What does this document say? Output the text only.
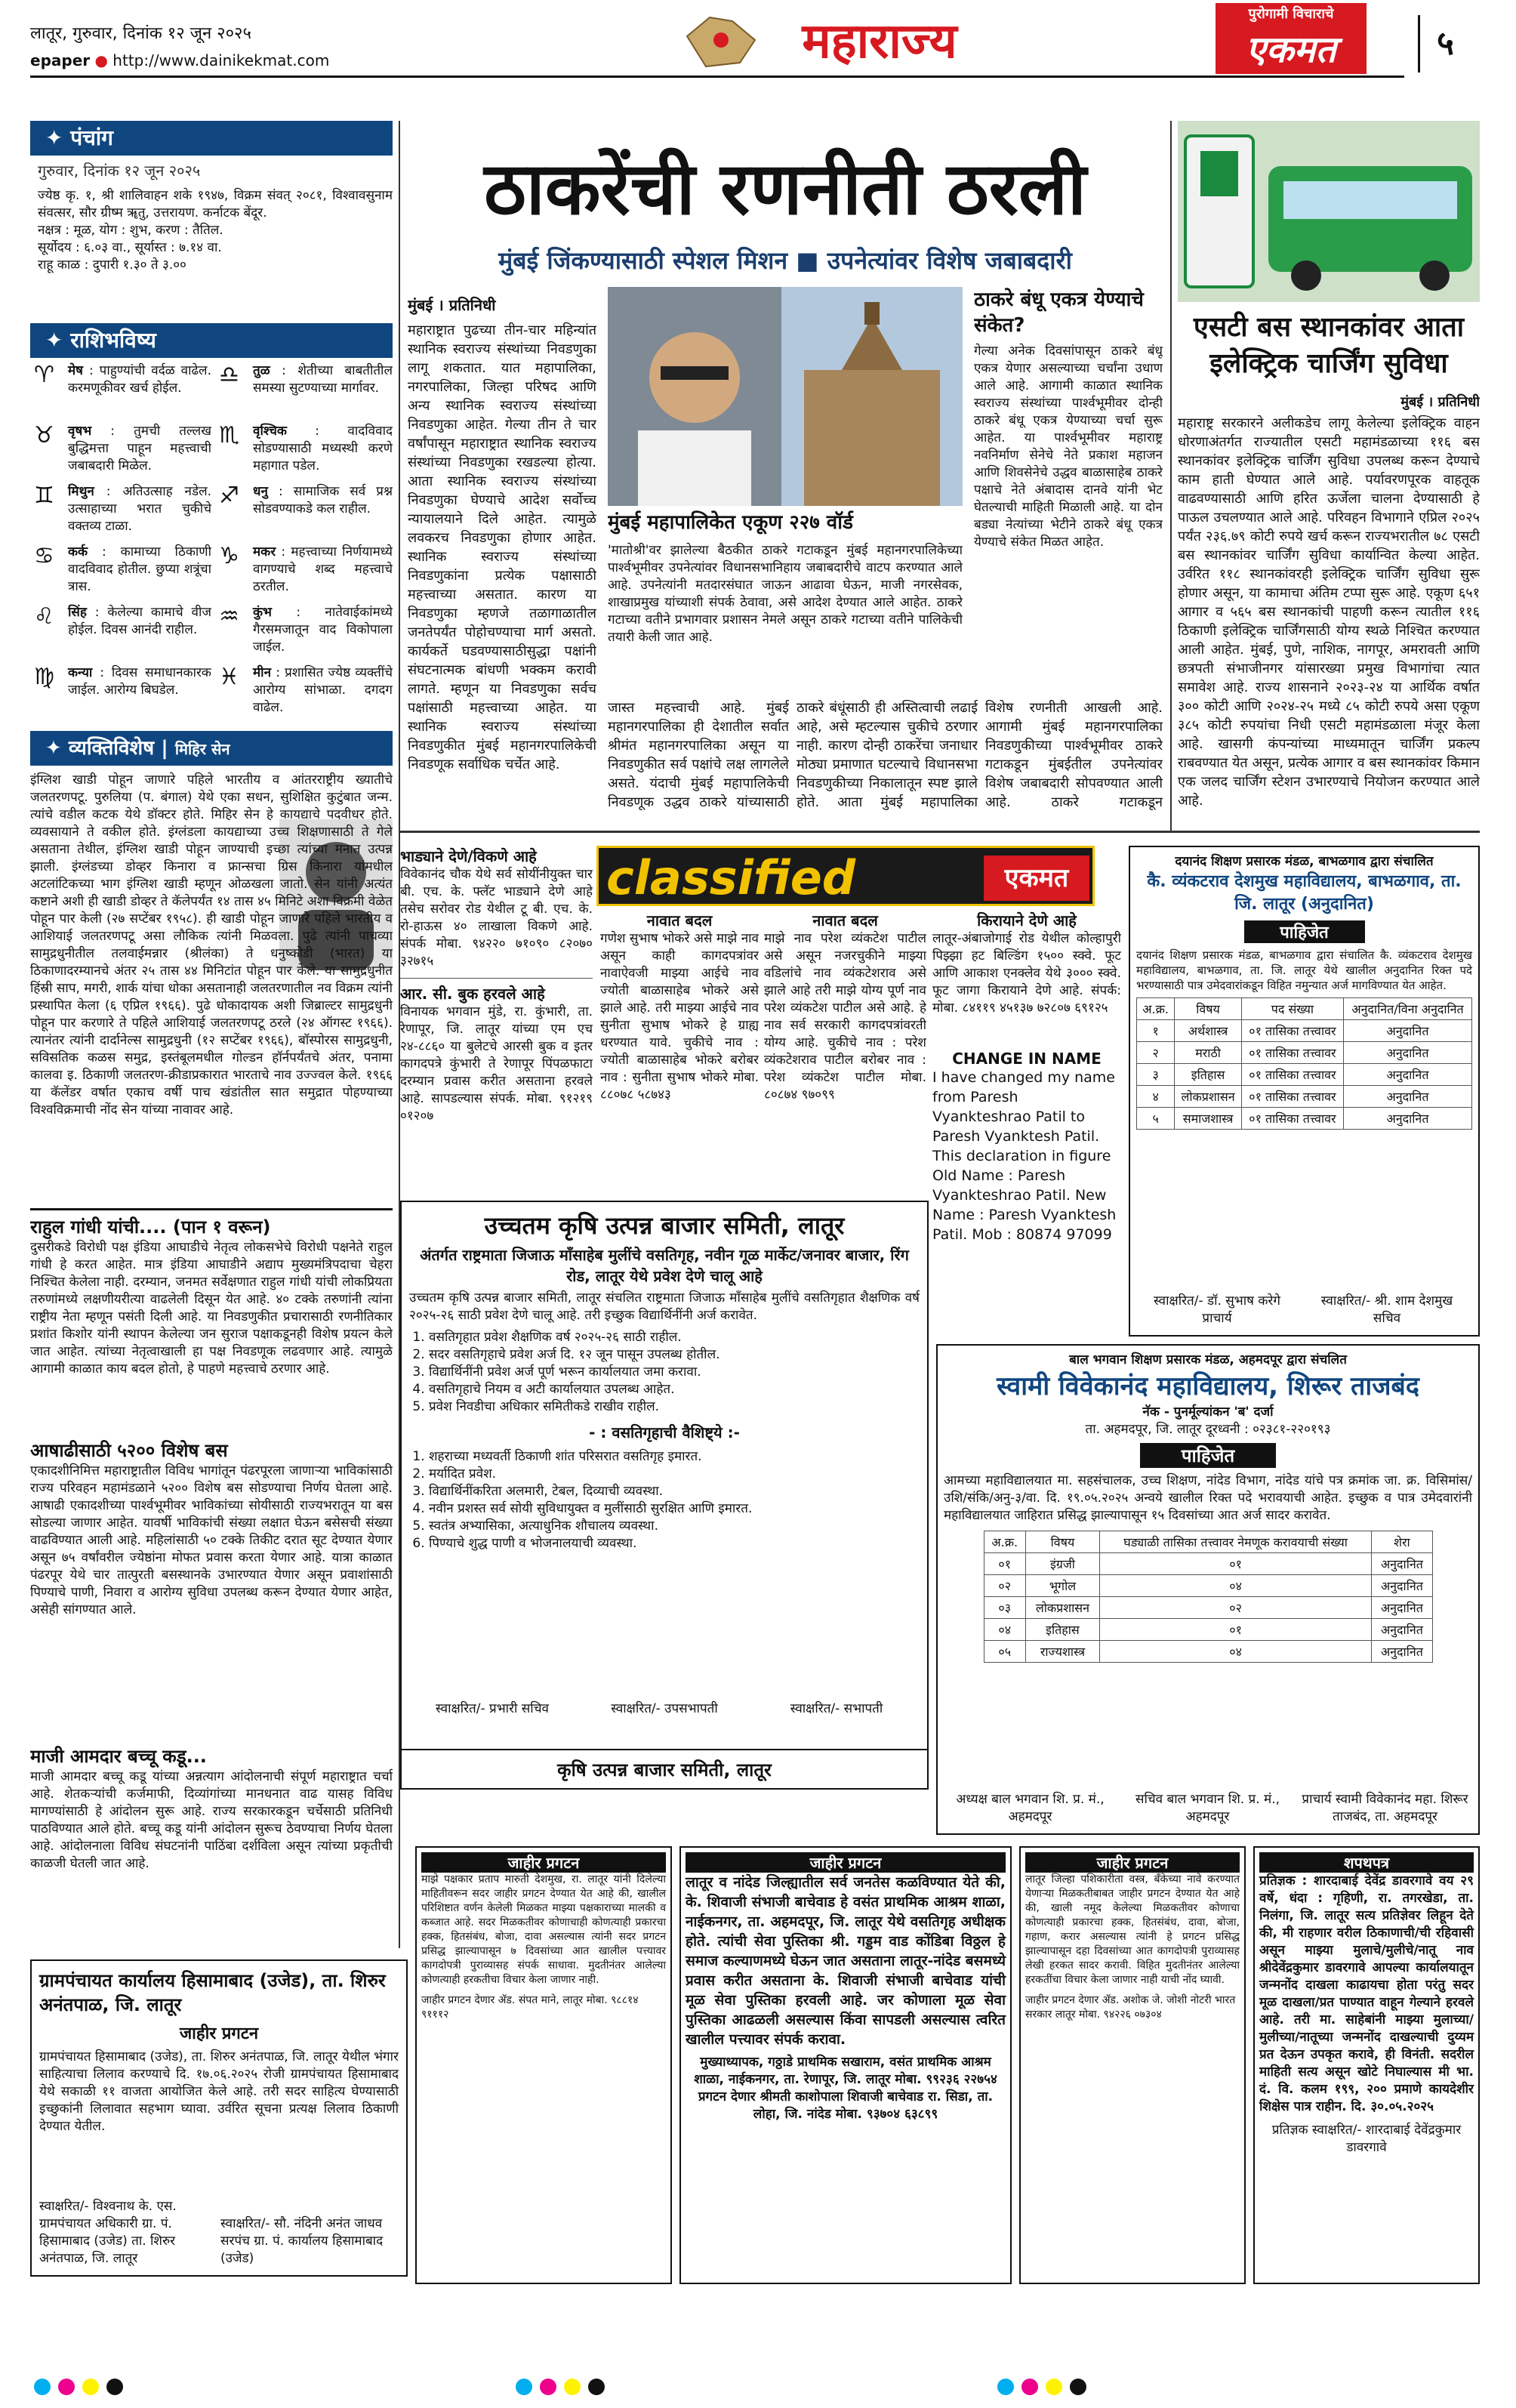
लातूर, गुरुवार, दिनांक १२ जून २०२५
epaper ● http://www.dainikekmat.com	महाराज्य	पुरोगामी विचाराचे
एकमत	५
✦ पंचांग
गुरुवार, दिनांक १२ जून २०२५
ज्येष्ठ कृ. १, श्री शालिवाहन शके १९४७, विक्रम संवत् २०८१, विश्वावसुनाम संवत्सर, सौर ग्रीष्म ॠतु, उत्तरायण. कर्नाटक बेंदूर.
नक्षत्र : मूळ, योग : शुभ, करण : तैतिल.
सूर्योदय : ६.०३ वा., सूर्यास्त : ७.१४ वा.
राहू काळ : दुपारी १.३० ते ३.००
✦ राशिभविष्य
♈ मेष : पाहुण्यांची वर्दळ वाढेल. करमणूकीवर खर्च होईल.
♉ वृषभ : तुमची तल्लख बुद्धिमत्ता पाहून महत्त्वाची जबाबदारी मिळेल.
♊ मिथुन : अतिउत्साह नडेल. उत्साहाच्या भरात चुकीचे वक्तव्य टाळा.
♋ कर्क : कामाच्या ठिकाणी वादविवाद होतील. छुप्या शत्रूंचा त्रास.
♌ सिंह : केलेल्या कामाचे वीज होईल. दिवस आनंदी राहील.
♍ कन्या : दिवस समाधानकारक जाईल. आरोग्य बिघडेल.
♎ तुळ : शेतीच्या बाबतीतील समस्या सुटण्याच्या मार्गावर.
♏ वृश्चिक : वादविवाद सोडण्यासाठी मध्यस्थी करणे महागात पडेल.
♐ धनु : सामाजिक सर्व प्रश्न सोडवण्याकडे कल राहील.
♑ मकर : महत्त्वाच्या निर्णयामध्ये वागण्याचे शब्द महत्त्वाचे ठरतील.
♒ कुंभ : नातेवाईकांमध्ये गैरसमजातून वाद विकोपाला जाईल.
♓ मीन : प्रशासित ज्येष्ठ व्यक्तींचे आरोग्य सांभाळा. दगदग वाढेल.
✦ व्यक्तिविशेष | मिहिर सेन
इंग्लिश खाडी पोहून जाणारे पहिले भारतीय व आंतरराष्ट्रीय ख्यातीचे जलतरणपटू. पुरुलिया (प. बंगाल) येथे एका सधन, सुशिक्षित कुटुंबात जन्म. त्यांचे वडील कटक येथे डॉक्टर होते. मिहिर सेन हे कायद्याचे पदवीधर होते. व्यवसायाने ते वकील होते. इंग्लंडला कायद्याच्या उच्च शिक्षणासाठी ते गेले असताना तेथील, इंग्लिश खाडी पोहून जाण्याची इच्छा त्यांच्या मनात उत्पन्न झाली. इंग्लंडच्या डोव्हर किनारा व फ्रान्सचा ग्रिस किनारा यांमधील अटलांटिकच्या भाग इंग्लिश खाडी म्हणून ओळखला जातो. सेन यांनी अत्यंत कष्टाने अशी ही खाडी डोव्हर ते कॅलेपर्यंत १४ तास ४५ मिनिटे अशा विक्रमी वेळेत पोहून पार केली (२७ सप्टेंबर १९५८). ही खाडी पोहून जाणारे पहिले भारतीय व आशियाई जलतरणपटू असा लौकिक त्यांनी मिळवला. पुढे त्यांनी पाचव्या सामुद्रधुनीतील तलवाईमन्नार (श्रीलंका) ते धनुष्कोडी (भारत) या ठिकाणादरम्यानचे अंतर २५ तास ४४ मिनिटांत पोहून पार केले. या सामुद्रधुनीत हिंस्री साप, मगरी, शार्क यांचा धोका असतानाही जलतरणातील नव विक्रम त्यांनी प्रस्थापित केला (६ एप्रिल १९६६). पुढे धोकादायक अशी जिब्राल्टर सामुद्रधुनी पोहून पार करणारे ते पहिले आशियाई जलतरणपटू ठरले (२४ ऑगस्ट १९६६). त्यानंतर त्यांनी दार्दानेल्स सामुद्रधुनी (१२ सप्टेंबर १९६६), बॉस्पोरस सामुद्रधुनी, सविसतिक कळस समुद्र, इस्तंबूलमधील गोल्डन हॉर्नपर्यंतचे अंतर, पनामा कालवा इ. ठिकाणी जलतरण-क्रीडाप्रकारात भारताचे नाव उज्ज्वल केले. १९६६ या कॅलेंडर वर्षात एकाच वर्षी पाच खंडांतील सात समुद्रात पोहण्याच्या विश्वविक्रमाची नोंद सेन यांच्या नावावर आहे.
राहुल गांधी यांची.... (पान १ वरून)
दुसरीकडे विरोधी पक्ष इंडिया आघाडीचे नेतृत्व लोकसभेचे विरोधी पक्षनेते राहुल गांधी हे करत आहेत. मात्र इंडिया आघाडीने अद्याप मुख्यमंत्रिपदाचा चेहरा निश्चित केलेला नाही. दरम्यान, जनमत सर्वेक्षणात राहुल गांधी यांची लोकप्रियता तरुणांमध्ये लक्षणीयरीत्या वाढलेली दिसून येत आहे. ४० टक्के तरुणांनी त्यांना राष्ट्रीय नेता म्हणून पसंती दिली आहे. या निवडणुकीत प्रचारासाठी रणनीतिकार प्रशांत किशोर यांनी स्थापन केलेल्या जन सुराज पक्षाकडूनही विशेष प्रयत्न केले जात आहेत. त्यांच्या नेतृत्वाखाली हा पक्ष निवडणूक लढवणार आहे. त्यामुळे आगामी काळात काय बदल होतो, हे पाहणे महत्त्वाचे ठरणार आहे.
आषाढीसाठी ५२०० विशेष बस
एकादशीनिमित्त महाराष्ट्रातील विविध भागांतून पंढरपूरला जाणाऱ्या भाविकांसाठी राज्य परिवहन महामंडळाने ५२०० विशेष बस सोडण्याचा निर्णय घेतला आहे. आषाढी एकादशीच्या पार्श्वभूमीवर भाविकांच्या सोयीसाठी राज्यभरातून या बस सोडल्या जाणार आहेत. यावर्षी भाविकांची संख्या लक्षात घेऊन बसेसची संख्या वाढविण्यात आली आहे. महिलांसाठी ५० टक्के तिकीट दरात सूट देण्यात येणार असून ७५ वर्षांवरील ज्येष्ठांना मोफत प्रवास करता येणार आहे. यात्रा काळात पंढरपूर येथे चार तात्पुरती बसस्थानके उभारण्यात येणार असून प्रवाशांसाठी पिण्याचे पाणी, निवारा व आरोग्य सुविधा उपलब्ध करून देण्यात येणार आहेत, असेही सांगण्यात आले.
माजी आमदार बच्चू कडू...
माजी आमदार बच्चू कडू यांच्या अन्नत्याग आंदोलनाची संपूर्ण महाराष्ट्रात चर्चा आहे. शेतकऱ्यांची कर्जमाफी, दिव्यांगांच्या मानधनात वाढ यासह विविध मागण्यांसाठी हे आंदोलन सुरू आहे. राज्य सरकारकडून चर्चेसाठी प्रतिनिधी पाठविण्यात आले होते. बच्चू कडू यांनी आंदोलन सुरूच ठेवण्याचा निर्णय घेतला आहे. आंदोलनाला विविध संघटनांनी पाठिंबा दर्शविला असून त्यांच्या प्रकृतीची काळजी घेतली जात आहे.
ग्रामपंचायत कार्यालय हिसामाबाद (उजेड), ता. शिरुर अनंतपाळ, जि. लातूर
जाहीर प्रगटन
ग्रामपंचायत हिसामाबाद (उजेड), ता. शिरुर अनंतपाळ, जि. लातूर येथील भंगार साहित्याचा लिलाव करण्याचे दि. १७.०६.२०२५ रोजी ग्रामपंचायत हिसामाबाद येथे सकाळी ११ वाजता आयोजित केले आहे. तरी सदर साहित्य घेण्यासाठी इच्छुकांनी लिलावात सहभाग घ्यावा. उर्वरित सूचना प्रत्यक्ष लिलाव ठिकाणी देण्यात येतील.
स्वाक्षरित/- विश्वनाथ के. एस. ग्रामपंचायत अधिकारी ग्रा. पं. हिसामाबाद (उजेड) ता. शिरुर अनंतपाळ, जि. लातूर
स्वाक्षरित/- सौ. नंदिनी अनंत जाधव सरपंच ग्रा. पं. कार्यालय हिसामाबाद (उजेड)
ठाकरेंची रणनीती ठरली
मुंबई जिंकण्यासाठी स्पेशल मिशन ■ उपनेत्यांवर विशेष जबाबदारी
मुंबई । प्रतिनिधी
महाराष्ट्रात पुढच्या तीन-चार महिन्यांत स्थानिक स्वराज्य संस्थांच्या निवडणुका लागू शकतात. यात महापालिका, नगरपालिका, जिल्हा परिषद आणि अन्य स्थानिक स्वराज्य संस्थांच्या निवडणुका आहेत. गेल्या तीन ते चार वर्षांपासून महाराष्ट्रात स्थानिक स्वराज्य संस्थांच्या निवडणुका रखडल्या होत्या. आता स्थानिक स्वराज्य संस्थांच्या निवडणुका घेण्याचे आदेश सर्वोच्च न्यायालयाने दिले आहेत. त्यामुळे लवकरच निवडणुका होणार आहेत. स्थानिक स्वराज्य संस्थांच्या निवडणुकांना प्रत्येक पक्षासाठी महत्त्वाच्या असतात. कारण या निवडणुका म्हणजे तळागाळातील जनतेपर्यंत पोहोचण्याचा मार्ग असतो. कार्यकर्ते घडवण्यासाठीसुद्धा पक्षांनी संघटनात्मक बांधणी भक्कम करावी लागते. म्हणून या निवडणुका सर्वच पक्षांसाठी महत्त्वाच्या आहेत. या स्थानिक स्वराज्य संस्थांच्या निवडणुकीत मुंबई महानगरपालिकेची निवडणूक सर्वाधिक चर्चेत आहे.
मुंबई महापालिकेत एकूण २२७ वॉर्ड
'मातोश्री'वर झालेल्या बैठकीत ठाकरे गटाकडून मुंबई महानगरपालिकेच्या पार्श्वभूमीवर उपनेत्यांवर विधानसभानिहाय जबाबदारीचे वाटप करण्यात आले आहे. उपनेत्यांनी मतदारसंघात जाऊन आढावा घेऊन, माजी नगरसेवक, शाखाप्रमुख यांच्याशी संपर्क ठेवावा, असे आदेश देण्यात आले आहेत. ठाकरे गटाच्या वतीने प्रभागवार प्रशासन नेमले असून ठाकरे गटाच्या वतीने पालिकेची तयारी केली जात आहे.
ठाकरे बंधू एकत्र येण्याचे संकेत?
गेल्या अनेक दिवसांपासून ठाकरे बंधू एकत्र येणार असल्याच्या चर्चांना उधाण आले आहे. आगामी काळात स्थानिक स्वराज्य संस्थांच्या पार्श्वभूमीवर दोन्ही ठाकरे बंधू एकत्र येण्याच्या चर्चा सुरू आहेत. या पार्श्वभूमीवर महाराष्ट्र नवनिर्माण सेनेचे नेते प्रकाश महाजन आणि शिवसेनेचे उद्धव बाळासाहेब ठाकरे पक्षाचे नेते अंबादास दानवे यांनी भेट घेतल्याची माहिती मिळाली आहे. या दोन बड्या नेत्यांच्या भेटीने ठाकरे बंधू एकत्र येण्याचे संकेत मिळत आहेत.
जास्त महत्त्वाची आहे. मुंबई महानगरपालिका ही देशातील सर्वात श्रीमंत महानगरपालिका असून या निवडणुकीत सर्व पक्षांचे लक्ष लागलेले असते. यंदाची मुंबई महापालिकेची निवडणूक उद्धव ठाकरे यांच्यासाठी
ठाकरे बंधूंसाठी ही अस्तित्वाची लढाई आहे, असे म्हटल्यास चुकीचे ठरणार नाही. कारण दोन्ही ठाकरेंचा जनाधार मोठ्या प्रमाणात घटल्याचे विधानसभा निवडणुकीच्या निकालातून स्पष्ट झाले होते. आता मुंबई महापालिका
विशेष रणनीती आखली आहे. आगामी मुंबई महानगरपालिका निवडणुकीच्या पार्श्वभूमीवर ठाकरे गटाकडून मुंबईतील उपनेत्यांवर विशेष जबाबदारी सोपवण्यात आली आहे. ठाकरे गटाकडून
एसटी बस स्थानकांवर आता इलेक्ट्रिक चार्जिंग सुविधा
मुंबई । प्रतिनिधी
महाराष्ट्र सरकारने अलीकडेच लागू केलेल्या इलेक्ट्रिक वाहन धोरणाअंतर्गत राज्यातील एसटी महामंडळाच्या ११६ बस स्थानकांवर इलेक्ट्रिक चार्जिंग सुविधा उपलब्ध करून देण्याचे काम हाती घेण्यात आले आहे. पर्यावरणपूरक वाहतूक वाढवण्यासाठी आणि हरित ऊर्जेला चालना देण्यासाठी हे पाऊल उचलण्यात आले आहे. परिवहन विभागाने एप्रिल २०२५ पर्यंत २३६.७९ कोटी रुपये खर्च करून राज्यभरातील ७८ एसटी बस स्थानकांवर चार्जिंग सुविधा कार्यान्वित केल्या आहेत. उर्वरित ११८ स्थानकांवरही इलेक्ट्रिक चार्जिंग सुविधा सुरू होणार असून, या कामाचा अंतिम टप्पा सुरू आहे. एकूण ६५१ आगार व ५६५ बस स्थानकांची पाहणी करून त्यातील ११६ ठिकाणी इलेक्ट्रिक चार्जिंगसाठी योग्य स्थळे निश्चित करण्यात आली आहेत. मुंबई, पुणे, नाशिक, नागपूर, अमरावती आणि छत्रपती संभाजीनगर यांसारख्या प्रमुख विभागांचा त्यात समावेश आहे. राज्य शासनाने २०२३-२४ या आर्थिक वर्षात ३०० कोटी आणि २०२४-२५ मध्ये ८५ कोटी रुपये असा एकूण ३८५ कोटी रुपयांचा निधी एसटी महामंडळाला मंजूर केला आहे. खासगी कंपन्यांच्या माध्यमातून चार्जिंग प्रकल्प राबवण्यात येत असून, प्रत्येक आगार व बस स्थानकांवर किमान एक जलद चार्जिंग स्टेशन उभारण्याचे नियोजन करण्यात आले आहे.
classified	एकमत
भाड्याने देणे/विकणे आहे
विवेकानंद चौक येथे सर्व सोयींनीयुक्त चार बी. एच. के. फ्लॅट भाड्याने देणे आहे तसेच सरोवर रोड येथील टू बी. एच. के. रो-हाऊस ४० लाखाला विकणे आहे. संपर्क मोबा. ९४२२० ७१०९० ८२०७० ३२७१५
आर. सी. बुक हरवले आहे
विनायक भगवान मुंडे, रा. कुंभारी, ता. रेणापूर, जि. लातूर यांच्या एम एच २४-८८६० या बुलेटचे आरसी बुक व इतर कागदपत्रे कुंभारी ते रेणापूर पिंपळफाटा दरम्यान प्रवास करीत असताना हरवले आहे. सापडल्यास संपर्क. मोबा. ९१२१९ ०१२०७
नावात बदल
गणेश सुभाष भोकरे असे माझे नाव असून काही कागदपत्रांवर नावाऐवजी माझ्या आईचे नाव ज्योती बाळासाहेब भोकरे असे झाले आहे. तरी माझ्या आईचे नाव सुनीता सुभाष भोकरे हे ग्राह्य धरण्यात यावे. चुकीचे नाव : ज्योती बाळासाहेब भोकरे बरोबर नाव : सुनीता सुभाष भोकरे मोबा. ८८०७८ ५८७४३
नावात बदल
माझे नाव परेश व्यंकटेश पाटील असे असून नजरचुकीने माझ्या वडिलांचे नाव व्यंकटेशराव असे झाले आहे तरी माझे योग्य पूर्ण नाव परेश व्यंकटेश पाटील असे आहे. हे नाव सर्व सरकारी कागदपत्रांवरती योग्य आहे. चुकीचे नाव : परेश व्यंकटेशराव पाटील बरोबर नाव : परेश व्यंकटेश पाटील मोबा. ८०८७४ ९७०९९
किरायाने देणे आहे
लातूर-अंबाजोगाई रोड येथील कोल्हापुरी पिझ्झा हट बिल्डिंग १५०० स्क्वे. फूट आणि आकाश एनक्लेव येथे ३००० स्क्वे. फूट जागा किरायाने देणे आहे. संपर्क: मोबा. ८४११९ ४५१३७ ७२८०७ ६९१२५
CHANGE IN NAME
I have changed my name from Paresh Vyankteshrao Patil to Paresh Vyanktesh Patil. This declaration in figure Old Name : Paresh Vyankteshrao Patil. New Name : Paresh Vyanktesh Patil. Mob : 80874 97099
उच्चतम कृषि उत्पन्न बाजार समिती, लातूर
अंतर्गत राष्ट्रमाता जिजाऊ माँसाहेब मुलींचे वसतिगृह, नवीन गूळ मार्केट/जनावर बाजार, रिंग रोड, लातूर येथे प्रवेश देणे चालू आहे
उच्चतम कृषि उत्पन्न बाजार समिती, लातूर संचलित राष्ट्रमाता जिजाऊ माँसाहेब मुलींचे वसतिगृहात शैक्षणिक वर्ष २०२५-२६ साठी प्रवेश देणे चालू आहे. तरी इच्छुक विद्यार्थिनींनी अर्ज करावेत.
1. वसतिगृहात प्रवेश शैक्षणिक वर्ष २०२५-२६ साठी राहील.
2. सदर वसतिगृहाचे प्रवेश अर्ज दि. १२ जून पासून उपलब्ध होतील.
3. विद्यार्थिनींनी प्रवेश अर्ज पूर्ण भरून कार्यालयात जमा करावा.
4. वसतिगृहाचे नियम व अटी कार्यालयात उपलब्ध आहेत.
5. प्रवेश निवडीचा अधिकार समितीकडे राखीव राहील.
- : वसतिगृहाची वैशिष्ट्ये :-
1. शहराच्या मध्यवर्ती ठिकाणी शांत परिसरात वसतिगृह इमारत.
2. मर्यादित प्रवेश.
3. विद्यार्थिनींकरिता अलमारी, टेबल, दिव्याची व्यवस्था.
4. नवीन प्रशस्त सर्व सोयी सुविधायुक्त व मुलींसाठी सुरक्षित आणि इमारत.
5. स्वतंत्र अभ्यासिका, अत्याधुनिक शौचालय व्यवस्था.
6. पिण्याचे शुद्ध पाणी व भोजनालयाची व्यवस्था.
स्वाक्षरित/- प्रभारी सचिव	स्वाक्षरित/- उपसभापती	स्वाक्षरित/- सभापती
कृषि उत्पन्न बाजार समिती, लातूर
दयानंद शिक्षण प्रसारक मंडळ, बाभळगाव द्वारा संचालित
कै. व्यंकटराव देशमुख महाविद्यालय, बाभळगाव, ता. जि. लातूर (अनुदानित)
पाहिजेत
दयानंद शिक्षण प्रसारक मंडळ, बाभळगाव द्वारा संचालित कै. व्यंकटराव देशमुख महाविद्यालय, बाभळगाव, ता. जि. लातूर येथे खालील अनुदानित रिक्त पदे भरण्यासाठी पात्र उमेदवारांकडून विहित नमुन्यात अर्ज मागविण्यात येत आहेत.
अ.क्र.	विषय	पद संख्या	अनुदानित/विना अनुदानित
१	अर्थशास्त्र	०१ तासिका तत्त्वावर	अनुदानित
२	मराठी	०१ तासिका तत्त्वावर	अनुदानित
३	इतिहास	०१ तासिका तत्त्वावर	अनुदानित
४	लोकप्रशासन	०१ तासिका तत्त्वावर	अनुदानित
५	समाजशास्त्र	०१ तासिका तत्त्वावर	अनुदानित
स्वाक्षरित/- डॉ. सुभाष करेगे प्राचार्य
स्वाक्षरित/- श्री. शाम देशमुख सचिव
बाल भगवान शिक्षण प्रसारक मंडळ, अहमदपूर द्वारा संचलित
स्वामी विवेकानंद महाविद्यालय, शिरूर ताजबंद
नॅक - पुनर्मूल्यांकन 'ब' दर्जा
ता. अहमदपूर, जि. लातूर दूरध्वनी : ०२३८१-२२०१९३
पाहिजेत
आमच्या महाविद्यालयात मा. सहसंचालक, उच्च शिक्षण, नांदेड विभाग, नांदेड यांचे पत्र क्रमांक जा. क्र. विसिमांस/उशि/संकि/अनु-३/वा. दि. १९.०५.२०२५ अन्वये खालील रिक्त पदे भरावयाची आहेत. इच्छुक व पात्र उमेदवारांनी महाविद्यालयात जाहिरात प्रसिद्ध झाल्यापासून १५ दिवसांच्या आत अर्ज सादर करावेत.
अ.क्र.	विषय	घड्याळी तासिका तत्त्वावर नेमणूक करावयाची संख्या	शेरा
०१	इंग्रजी	०१	अनुदानित
०२	भूगोल	०४	अनुदानित
०३	लोकप्रशासन	०२	अनुदानित
०४	इतिहास	०१	अनुदानित
०५	राज्यशास्त्र	०४	अनुदानित
अध्यक्ष बाल भगवान शि. प्र. मं., अहमदपूर
सचिव बाल भगवान शि. प्र. मं., अहमदपूर
प्राचार्य स्वामी विवेकानंद महा. शिरूर ताजबंद, ता. अहमदपूर
जाहीर प्रगटन
माझे पक्षकार प्रताप मारुती देशमुख, रा. लातूर यांनी दिलेल्या माहितीवरून सदर जाहीर प्रगटन देण्यात येत आहे की, खालील परिशिष्टात वर्णन केलेली मिळकत माझ्या पक्षकाराच्या मालकी व कब्जात आहे. सदर मिळकतीवर कोणाचाही कोणत्याही प्रकारचा हक्क, हितसंबंध, बोजा, दावा असल्यास त्यांनी सदर प्रगटन प्रसिद्ध झाल्यापासून ७ दिवसांच्या आत खालील पत्त्यावर कागदोपत्री पुराव्यासह संपर्क साधावा. मुदतीनंतर आलेल्या कोणत्याही हरकतीचा विचार केला जाणार नाही.
जाहीर प्रगटन देणार ॲड. संपत माने, लातूर मोबा. ९८८१४ ९१११२
जाहीर प्रगटन
लातूर व नांदेड जिल्ह्यातील सर्व जनतेस कळविण्यात येते की, के. शिवाजी संभाजी बाचेवाड हे वसंत प्राथमिक आश्रम शाळा, नाईकनगर, ता. अहमदपूर, जि. लातूर येथे वसतिगृह अधीक्षक होते. त्यांची सेवा पुस्तिका श्री. गड्डम वाड कोंडिबा विठ्ठल हे समाज कल्याणमध्ये घेऊन जात असताना लातूर-नांदेड बसमध्ये प्रवास करीत असताना के. शिवाजी संभाजी बाचेवाड यांची मूळ सेवा पुस्तिका हरवली आहे. जर कोणाला मूळ सेवा पुस्तिका आढळली असल्यास किंवा सापडली असल्यास त्वरित खालील पत्त्यावर संपर्क करावा.
मुख्याध्यापक, गठ्ठाडे प्राथमिक सखाराम, वसंत प्राथमिक आश्रम शाळा, नाईकनगर, ता. रेणापूर, जि. लातूर मोबा. ९९२३६ २२७५४ प्रगटन देणार श्रीमती काशोपाला शिवाजी बाचेवाड रा. सिडा, ता. लोहा, जि. नांदेड मोबा. ९३७०४ ६३८९९
जाहीर प्रगटन
लातूर जिल्हा पशिकारीता वस्त्र, बँकेच्या नावे करण्यात येणाऱ्या मिळकतीबाबत जाहीर प्रगटन देण्यात येत आहे की, खाली नमूद केलेल्या मिळकतीवर कोणाचा कोणत्याही प्रकारचा हक्क, हितसंबंध, दावा, बोजा, गहाण, करार असल्यास त्यांनी हे प्रगटन प्रसिद्ध झाल्यापासून दहा दिवसांच्या आत कागदोपत्री पुराव्यासह लेखी हरकत सादर करावी. विहित मुदतीनंतर आलेल्या हरकतींचा विचार केला जाणार नाही याची नोंद घ्यावी.
जाहीर प्रगटन देणार ॲड. अशोक जे. जोशी नोटरी भारत सरकार लातूर मोबा. ९४२२६ ०७३०४
शपथपत्र
प्रतिज्ञक : शारदाबाई देवेंद्र डावरगावे वय २९ वर्षे, धंदा : गृहिणी, रा. तगरखेडा, ता. निलंगा, जि. लातूर सत्य प्रतिज्ञेवर लिहून देते की, मी राहणार वरील ठिकाणाची/ची रहिवासी असून माझ्या मुलाचे/मुलीचे/नातू नाव श्रीदेवेंद्रकुमार डावरगावे आपल्या कार्यालयातून जन्मनोंद दाखला काढायचा होता परंतु सदर मूळ दाखला/प्रत पाण्यात वाहून गेल्याने हरवले आहे. तरी मा. साहेबांनी माझ्या मुलाच्या/मुलीच्या/नातूच्या जन्मनोंद दाखल्याची दुय्यम प्रत देऊन उपकृत करावे, ही विनंती. सदरील माहिती सत्य असून खोटे निघाल्यास मी भा. दं. वि. कलम १९९, २०० प्रमाणे कायदेशीर शिक्षेस पात्र राहीन. दि. ३०.०५.२०२५
प्रतिज्ञक स्वाक्षरित/- शारदाबाई देवेंद्रकुमार डावरगावे
